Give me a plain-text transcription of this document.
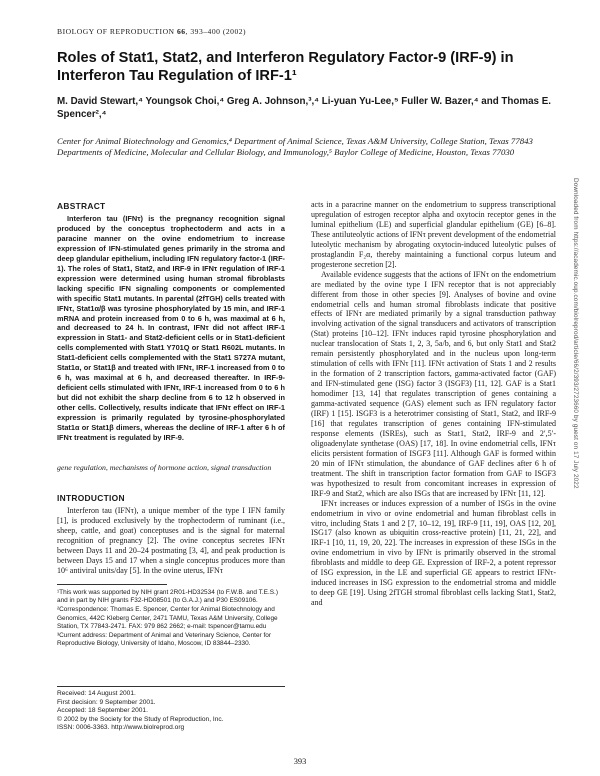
BIOLOGY OF REPRODUCTION 66, 393–400 (2002)
Roles of Stat1, Stat2, and Interferon Regulatory Factor-9 (IRF-9) in Interferon Tau Regulation of IRF-1¹
M. David Stewart,⁴ Youngsok Choi,⁴ Greg A. Johnson,³,⁴ Li-yuan Yu-Lee,⁵ Fuller W. Bazer,⁴ and Thomas E. Spencer²,⁴
Center for Animal Biotechnology and Genomics,⁴ Department of Animal Science, Texas A&M University, College Station, Texas 77843
Departments of Medicine, Molecular and Cellular Biology, and Immunology,⁵ Baylor College of Medicine, Houston, Texas 77030
ABSTRACT

Interferon tau (IFNτ) is the pregnancy recognition signal produced by the conceptus trophectoderm and acts in a paracine manner on the ovine endometrium to increase expression of IFN-stimulated genes primarily in the stroma and deep glandular epithelium, including IFN regulatory factor-1 (IRF-1). The roles of Stat1, Stat2, and IRF-9 in IFNτ regulation of IRF-1 expression were determined using human stromal fibroblasts lacking specific IFN signaling components or complemented with specific Stat1 mutants. In parental (2fTGH) cells treated with IFNτ, Stat1α/β was tyrosine phosphorylated by 15 min, and IRF-1 mRNA and protein increased from 0 to 6 h, was maximal at 6 h, and decreased to 24 h. In contrast, IFNτ did not affect IRF-1 expression in Stat1- and Stat2-deficient cells or in Stat1-deficient cells complemented with Stat1 Y701Q or Stat1 R602L mutants. In Stat1-deficient cells complemented with the Stat1 S727A mutant, Stat1α, or Stat1β and treated with IFNτ, IRF-1 increased from 0 to 6 h, was maximal at 6 h, and decreased thereafter. In IRF-9-deficient cells stimulated with IFNτ, IRF-1 increased from 0 to 6 h but did not exhibit the sharp decline from 6 to 12 h observed in other cells. Collectively, results indicate that IFNτ effect on IRF-1 expression is primarily regulated by tyrosine-phosphorylated Stat1α or Stat1β dimers, whereas the decline of IRF-1 after 6 h of IFNτ treatment is regulated by IRF-9.

gene regulation, mechanisms of hormone action, signal transduction
INTRODUCTION

Interferon tau (IFNτ), a unique member of the type I IFN family [1], is produced exclusively by the trophectoderm of ruminant (i.e., sheep, cattle, and goat) conceptuses and is the signal for maternal recognition of pregnancy [2]. The ovine conceptus secretes IFNτ between Days 11 and 20–24 postmating [3, 4], and peak production is between Days 15 and 17 when a single conceptus produces more than 10⁶ antiviral units/day [5]. In the ovine uterus, IFNτ

¹This work was supported by NIH grant 2R01-HD32534 (to F.W.B. and T.E.S.) and in part by NIH grants F32-HD08501 (to G.A.J.) and P30 ES09106.

²Correspondence: Thomas E. Spencer, Center for Animal Biotechnology and Genomics, 442C Kleberg Center, 2471 TAMU, Texas A&M University, College Station, TX 77843-2471. FAX: 979 862 2662; e-mail: tspencer@tamu.edu

³Current address: Department of Animal and Veterinary Science, Center for Reproductive Biology, University of Idaho, Moscow, ID 83844–2330.

Received: 14 August 2001.
First decision: 9 September 2001.
Accepted: 18 September 2001.
© 2002 by the Society for the Study of Reproduction, Inc.
ISSN: 0006-3363. http://www.biolreprod.org

acts in a paracrine manner on the endometrium to suppress transcriptional upregulation of estrogen receptor alpha and oxytocin receptor genes in the luminal epithelium (LE) and superficial glandular epithelium (GE) [6–8]. These antiluteolytic actions of IFNτ prevent development of the endometrial luteolytic mechanism by abrogating oxytocin-induced luteolytic pulses of prostaglandin F₂α, thereby maintaining a functional corpus luteum and progesterone secretion [2].

Available evidence suggests that the actions of IFNτ on the endometrium are mediated by the ovine type I IFN receptor that is not appreciably different from those in other species [9]. Analyses of bovine and ovine endometrial cells and human stromal fibroblasts indicate that positive effects of IFNτ are mediated primarily by a signal transduction pathway involving activation of the signal transducers and activators of transcription (Stat) proteins [10–12]. IFNτ induces rapid tyrosine phosphorylation and nuclear translocation of Stats 1, 2, 3, 5a/b, and 6, but only Stat1 and Stat2 remain persistently phosphorylated and in the nucleus upon long-term stimulation of cells with IFNτ [11]. IFNτ activation of Stats 1 and 2 results in the formation of 2 transcription factors, gamma-activated factor (GAF) and IFN-stimulated gene (ISG) factor 3 (ISGF3) [11, 12]. GAF is a Stat1 homodimer [13, 14] that regulates transcription of genes containing a gamma-activated sequence (GAS) element such as IFN regulatory factor (IRF) 1 [15]. ISGF3 is a heterotrimer consisting of Stat1, Stat2, and IRF-9 [16] that regulates transcription of genes containing IFN-stimulated response elements (ISREs), such as Stat1, Stat2, IRF-9 and 2′,5′-oligoadenylate synthetase (OAS) [17, 18]. In ovine endometrial cells, IFNτ elicits persistent formation of ISGF3 [11]. Although GAF is formed within 20 min of IFNτ stimulation, the abundance of GAF declines after 6 h of treatment. The shift in transcription factor formation from GAF to ISGF3 was hypothesized to result from concomitant increases in expression of IRF-9 and Stat2, which are also ISGs that are increased by IFNτ [11, 12].

IFNτ increases or induces expression of a number of ISGs in the ovine endometrium in vivo or ovine endometrial and human fibroblast cells in vitro, including Stats 1 and 2 [7, 10–12, 19], IRF-9 [11, 19], OAS [12, 20], ISG17 (also known as ubiquitin cross-reactive protein) [11, 21, 22], and IRF-1 [10, 11, 19, 20, 22]. The increases in expression of these ISGs in the ovine endometrium in vivo by IFNτ is primarily observed in the stromal fibroblasts and middle to deep GE. Expression of IRF-2, a potent repressor of ISG expression, in the LE and superficial GE appears to restrict IFNτ-induced increases in ISG expression to the endometrial stroma and middle to deep GE [19]. Using 2fTGH stromal fibroblast cells lacking Stat1, Stat2, and

393
Downloaded from https://academic.oup.com/biolreprod/article/66/2/393/2723660 by guest on 17 July 2022
